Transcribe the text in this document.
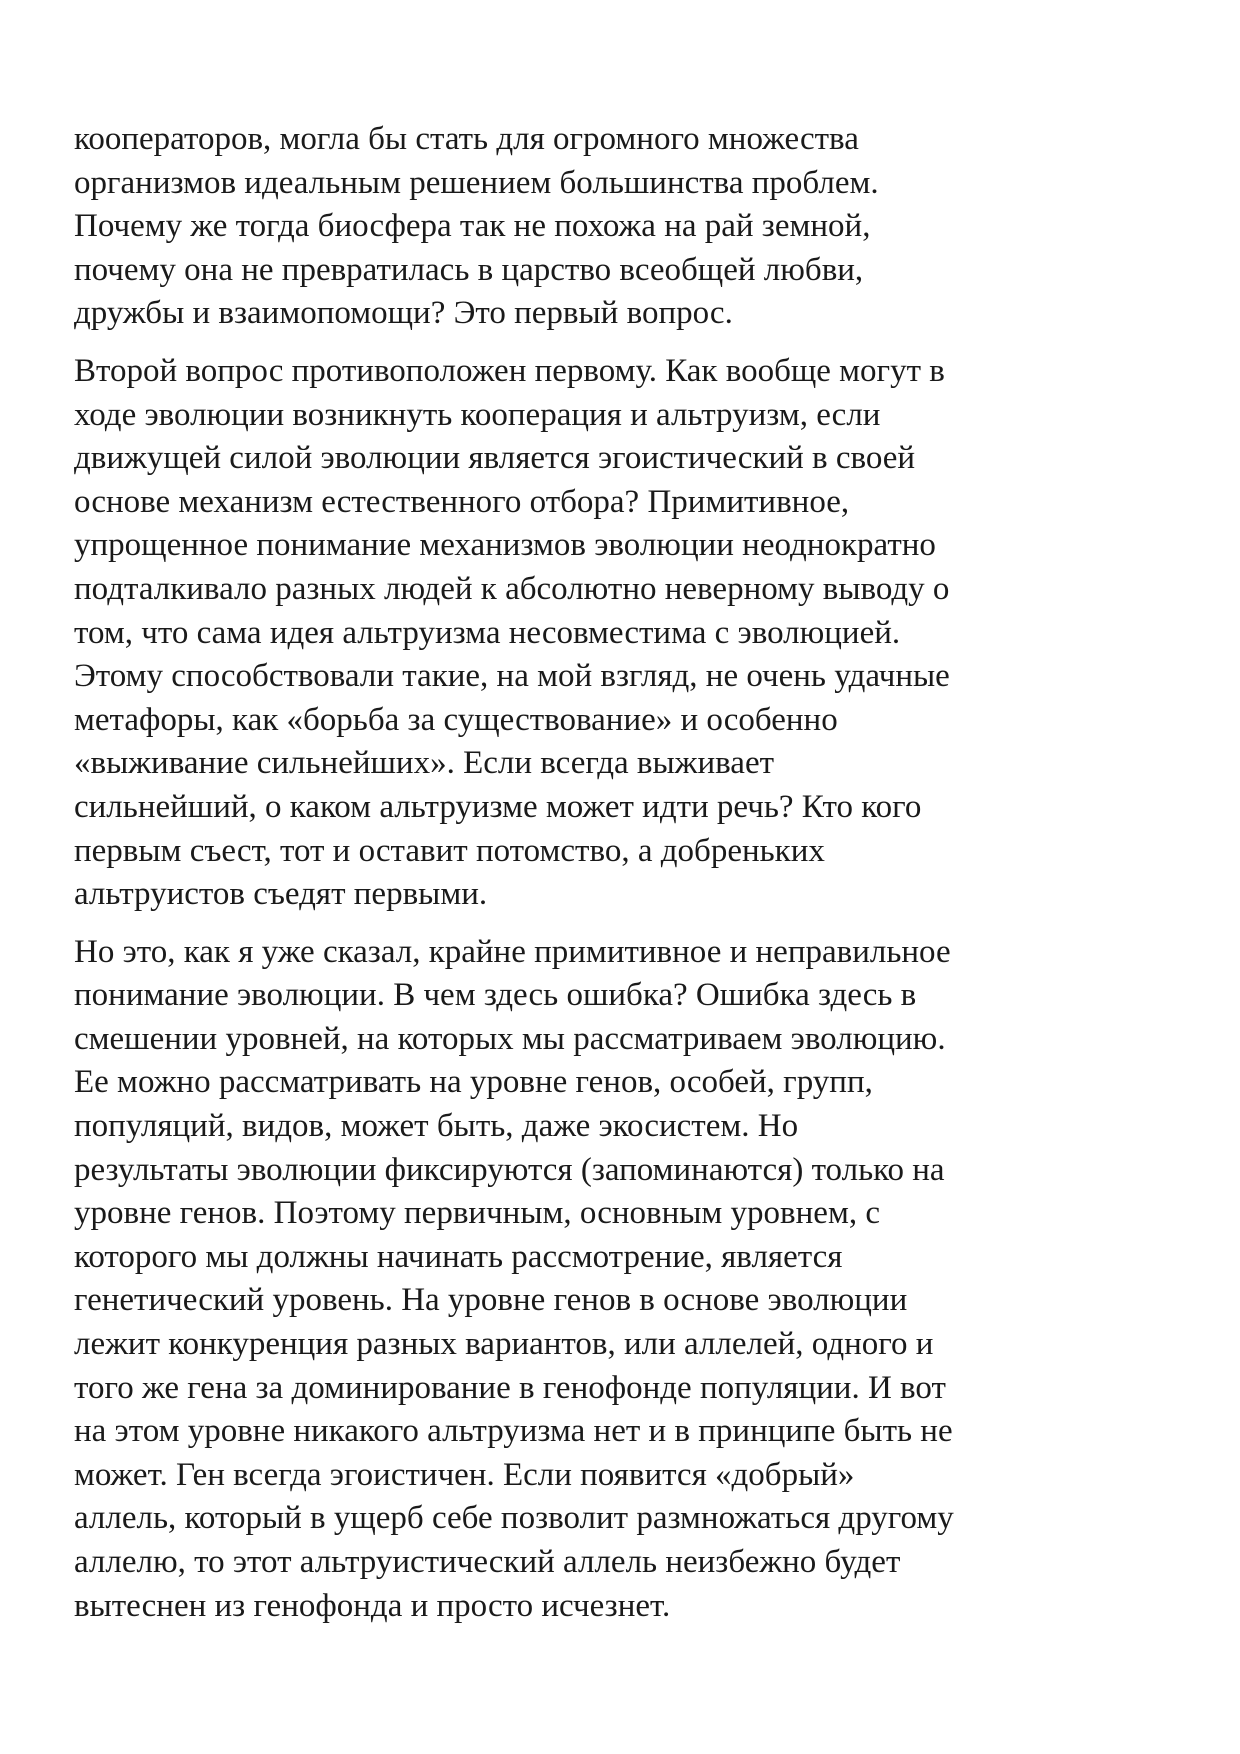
кооператоров, могла бы стать для огромного множества
организмов идеальным решением большинства проблем.
Почему же тогда биосфера так не похожа на рай земной,
почему она не превратилась в царство всеобщей любви,
дружбы и взаимопомощи? Это первый вопрос.

Второй вопрос противоположен первому. Как вообще могут в
ходе эволюции возникнуть кооперация и альтруизм, если
движущей силой эволюции является эгоистический в своей
основе механизм естественного отбора? Примитивное,
упрощенное понимание механизмов эволюции неоднократно
подталкивало разных людей к абсолютно неверному выводу о
том, что сама идея альтруизма несовместима с эволюцией.
Этому способствовали такие, на мой взгляд, не очень удачные
метафоры, как «борьба за существование» и особенно
«выживание сильнейших». Если всегда выживает
сильнейший, о каком альтруизме может идти речь? Кто кого
первым съест, тот и оставит потомство, а добреньких
альтруистов съедят первыми.

Но это, как я уже сказал, крайне примитивное и неправильное
понимание эволюции. В чем здесь ошибка? Ошибка здесь в
смешении уровней, на которых мы рассматриваем эволюцию.
Ее можно рассматривать на уровне генов, особей, групп,
популяций, видов, может быть, даже экосистем. Но
результаты эволюции фиксируются (запоминаются) только на
уровне генов. Поэтому первичным, основным уровнем, с
которого мы должны начинать рассмотрение, является
генетический уровень. На уровне генов в основе эволюции
лежит конкуренция разных вариантов, или аллелей, одного и
того же гена за доминирование в генофонде популяции. И вот
на этом уровне никакого альтруизма нет и в принципе быть не
может. Ген всегда эгоистичен. Если появится «добрый»
аллель, который в ущерб себе позволит размножаться другому
аллелю, то этот альтруистический аллель неизбежно будет
вытеснен из генофонда и просто исчезнет.
